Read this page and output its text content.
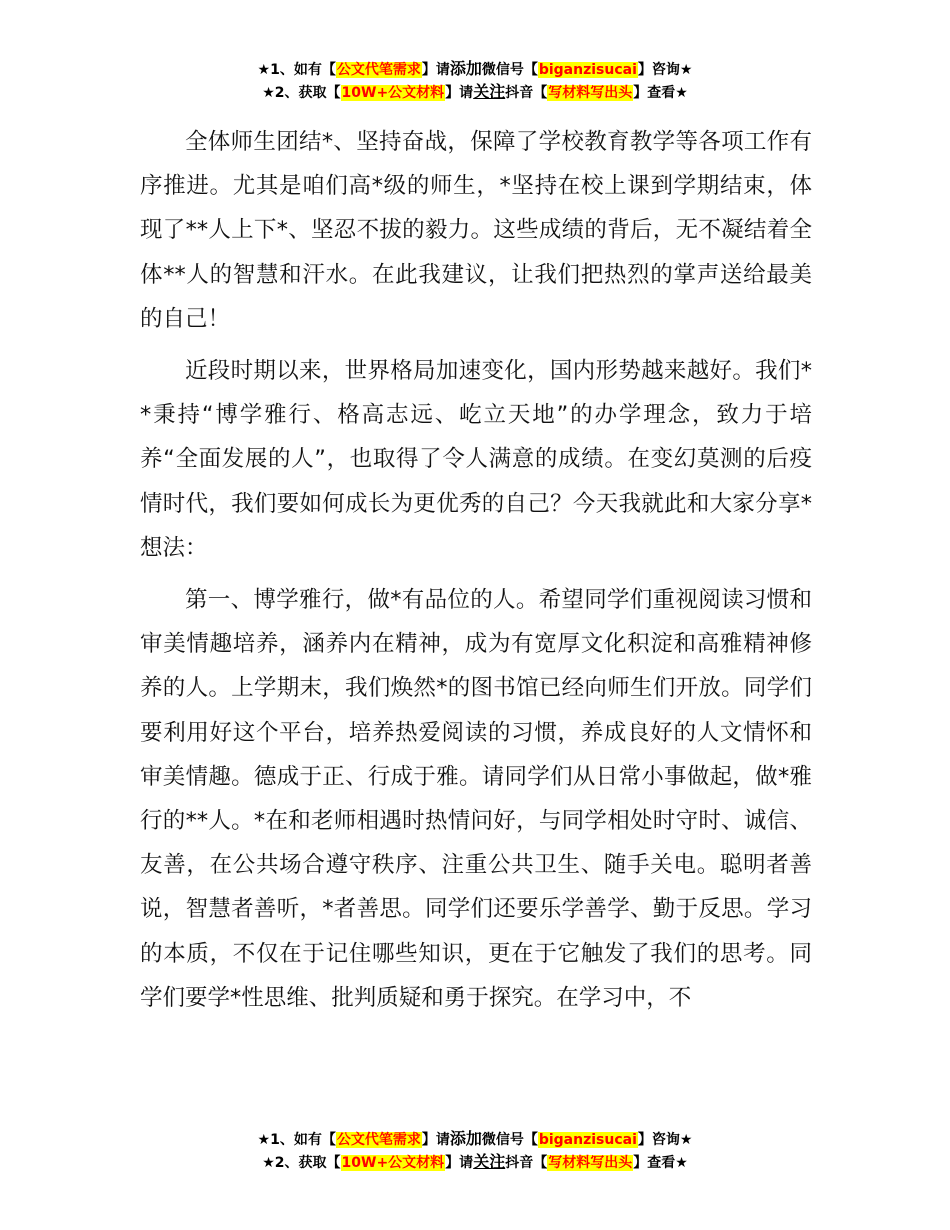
★1、如有【公文代笔需求】请添加微信号【biganzisucai】咨询★
★2、获取【10W+公文材料】请关注抖音【写材料写出头】查看★

全体师生团结*、坚持奋战，保障了学校教育教学等各项工作有序推进。尤其是咱们高*级的师生，*坚持在校上课到学期结束，体现了**人上下*、坚忍不拔的毅力。这些成绩的背后，无不凝结着全体**人的智慧和汗水。在此我建议，让我们把热烈的掌声送给最美的自己！

近段时期以来，世界格局加速变化，国内形势越来越好。我们**秉持“博学雅行、格高志远、屹立天地”的办学理念，致力于培养“全面发展的人”，也取得了令人满意的成绩。在变幻莫测的后疫情时代，我们要如何成长为更优秀的自己？今天我就此和大家分享*想法：

第一、博学雅行，做*有品位的人。希望同学们重视阅读习惯和审美情趣培养，涵养内在精神，成为有宽厚文化积淀和高雅精神修养的人。上学期末，我们焕然*的图书馆已经向师生们开放。同学们要利用好这个平台，培养热爱阅读的习惯，养成良好的人文情怀和审美情趣。德成于正、行成于雅。请同学们从日常小事做起，做*雅行的**人。*在和老师相遇时热情问好，与同学相处时守时、诚信、友善，在公共场合遵守秩序、注重公共卫生、随手关电。聪明者善说，智慧者善听，*者善思。同学们还要乐学善学、勤于反思。学习的本质，不仅在于记住哪些知识，更在于它触发了我们的思考。同学们要学*性思维、批判质疑和勇于探究。在学习中，不

★1、如有【公文代笔需求】请添加微信号【biganzisucai】咨询★
★2、获取【10W+公文材料】请关注抖音【写材料写出头】查看★
